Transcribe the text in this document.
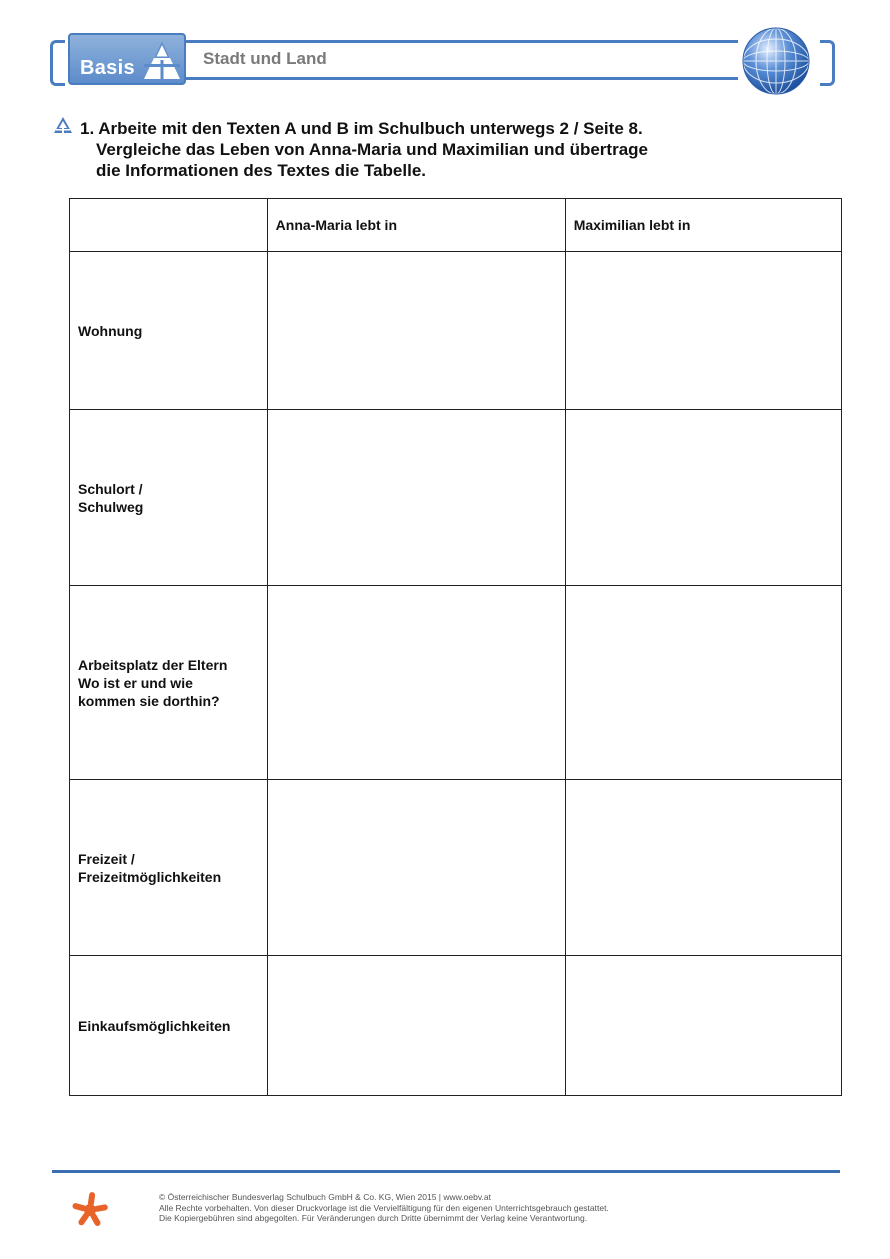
Basis	Stadt und Land
1. Arbeite mit den Texten A und B im Schulbuch unterwegs 2 / Seite 8.
Vergleiche das Leben von Anna-Maria und Maximilian und übertrage
die Informationen des Textes die Tabelle.
	Anna-Maria lebt in	Maximilian lebt in

Wohnung		

Schulort /
Schulweg		

Arbeitsplatz der Eltern
Wo ist er und wie
kommen sie dorthin?		

Freizeit /
Freizeitmöglichkeiten		

Einkaufsmöglichkeiten		

© Österreichischer Bundesverlag Schulbuch GmbH & Co. KG, Wien 2015 | www.oebv.at
Alle Rechte vorbehalten. Von dieser Druckvorlage ist die Vervielfältigung für den eigenen Unterrichtsgebrauch gestattet.
Die Kopiergebühren sind abgegolten. Für Veränderungen durch Dritte übernimmt der Verlag keine Verantwortung.
